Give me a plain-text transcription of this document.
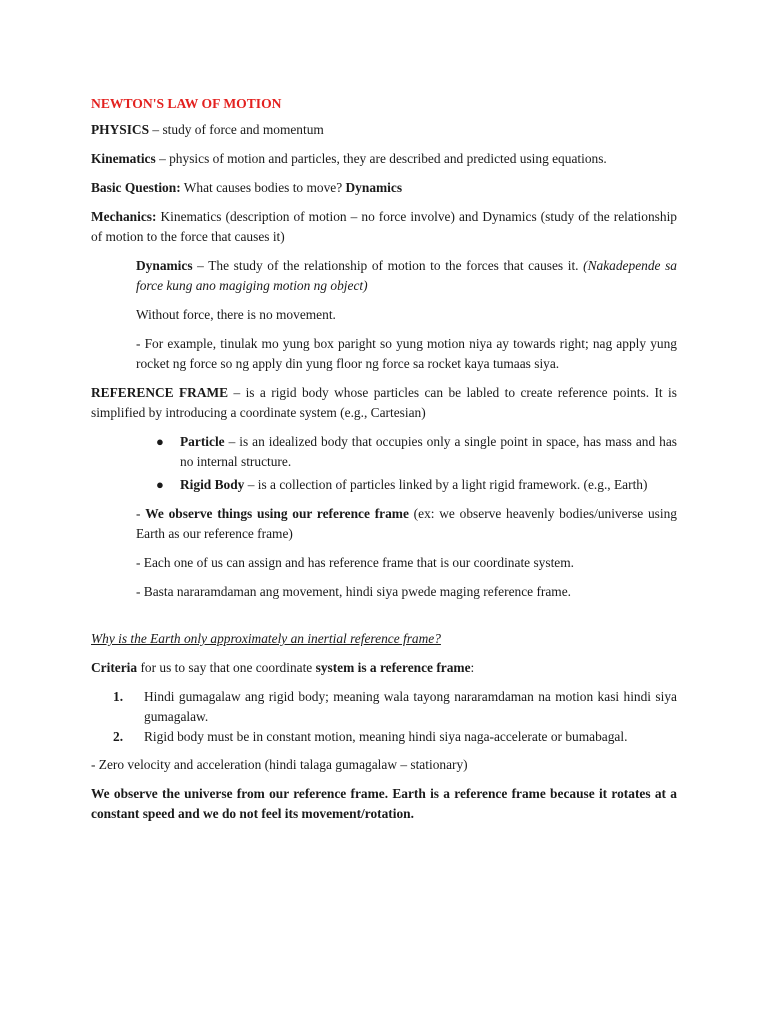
NEWTON'S LAW OF MOTION

PHYSICS – study of force and momentum

Kinematics – physics of motion and particles, they are described and predicted using equations.

Basic Question: What causes bodies to move? Dynamics

Mechanics: Kinematics (description of motion – no force involve) and Dynamics (study of the relationship of motion to the force that causes it)

Dynamics – The study of the relationship of motion to the forces that causes it. (Nakadepende sa force kung ano magiging motion ng object)

Without force, there is no movement.

- For example, tinulak mo yung box paright so yung motion niya ay towards right; nag apply yung rocket ng force so ng apply din yung floor ng force sa rocket kaya tumaas siya.

REFERENCE FRAME – is a rigid body whose particles can be labled to create reference points. It is simplified by introducing a coordinate system (e.g., Cartesian)

● Particle – is an idealized body that occupies only a single point in space, has mass and has no internal structure.
● Rigid Body – is a collection of particles linked by a light rigid framework. (e.g., Earth)

- We observe things using our reference frame (ex: we observe heavenly bodies/universe using Earth as our reference frame)

- Each one of us can assign and has reference frame that is our coordinate system.

- Basta nararamdaman ang movement, hindi siya pwede maging reference frame.

Why is the Earth only approximately an inertial reference frame?

Criteria for us to say that one coordinate system is a reference frame:

1. Hindi gumagalaw ang rigid body; meaning wala tayong nararamdaman na motion kasi hindi siya gumagalaw.
2. Rigid body must be in constant motion, meaning hindi siya naga-accelerate or bumabagal.

- Zero velocity and acceleration (hindi talaga gumagalaw – stationary)

We observe the universe from our reference frame. Earth is a reference frame because it rotates at a constant speed and we do not feel its movement/rotation.
